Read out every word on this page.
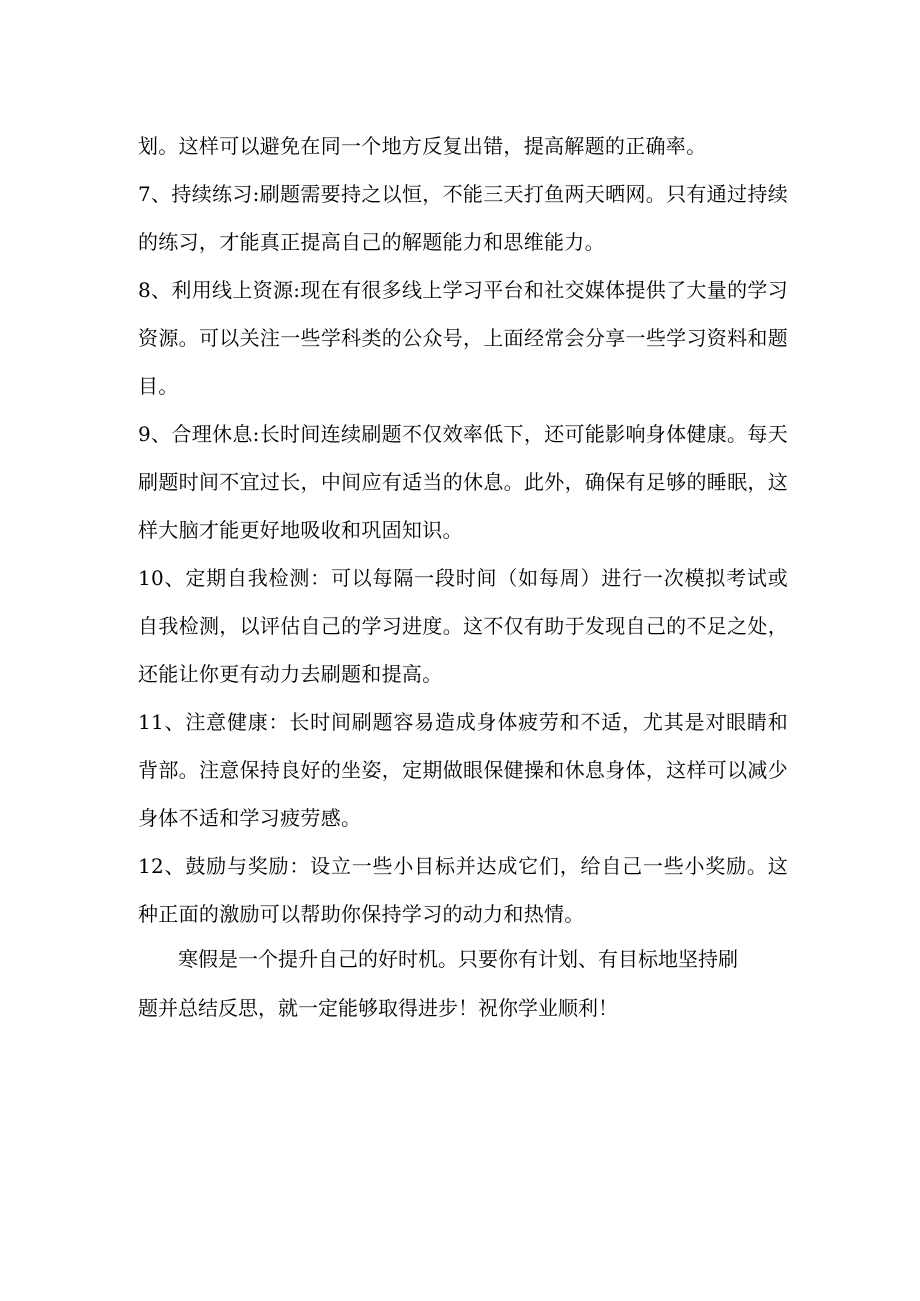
划。这样可以避免在同一个地方反复出错，提高解题的正确率。

7、持续练习:刷题需要持之以恒，不能三天打鱼两天晒网。只有通过持续的练习，才能真正提高自己的解题能力和思维能力。

8、利用线上资源:现在有很多线上学习平台和社交媒体提供了大量的学习资源。可以关注一些学科类的公众号，上面经常会分享一些学习资料和题目。

9、合理休息:长时间连续刷题不仅效率低下，还可能影响身体健康。每天刷题时间不宜过长，中间应有适当的休息。此外，确保有足够的睡眠，这样大脑才能更好地吸收和巩固知识。

10、定期自我检测：可以每隔一段时间（如每周）进行一次模拟考试或自我检测，以评估自己的学习进度。这不仅有助于发现自己的不足之处，还能让你更有动力去刷题和提高。

11、注意健康：长时间刷题容易造成身体疲劳和不适，尤其是对眼睛和背部。注意保持良好的坐姿，定期做眼保健操和休息身体，这样可以减少身体不适和学习疲劳感。

12、鼓励与奖励：设立一些小目标并达成它们，给自己一些小奖励。这种正面的激励可以帮助你保持学习的动力和热情。

寒假是一个提升自己的好时机。只要你有计划、有目标地坚持刷
题并总结反思，就一定能够取得进步！祝你学业顺利！
